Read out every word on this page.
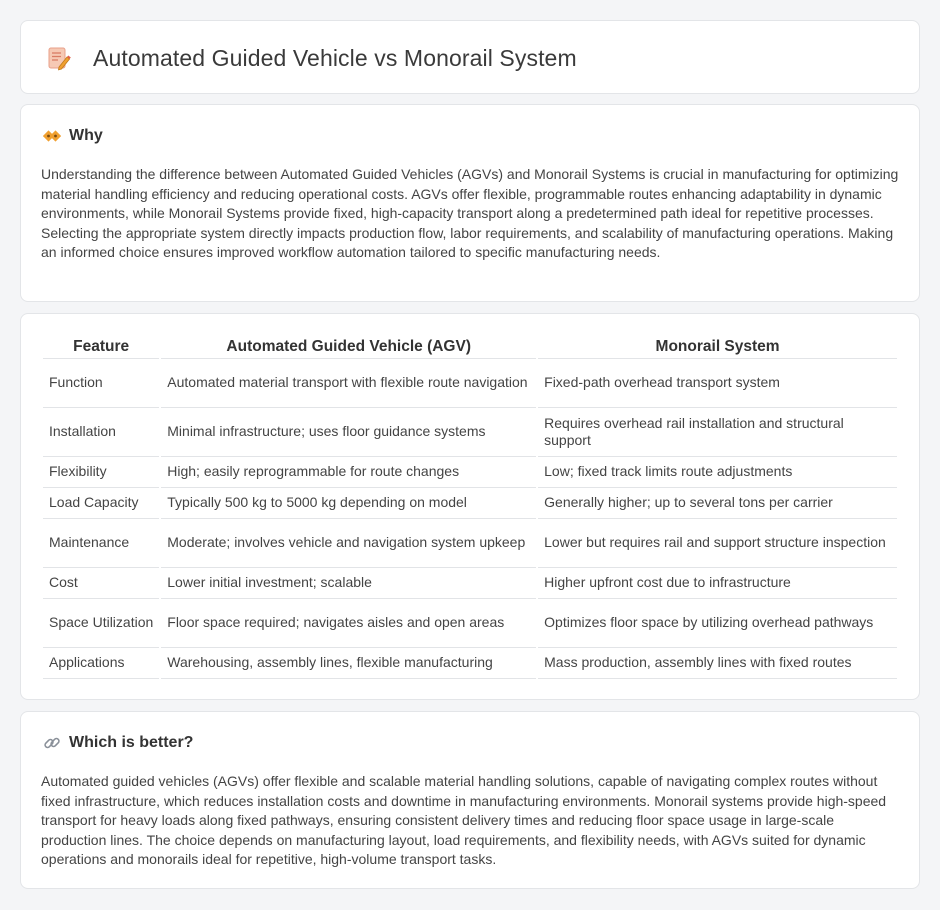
Automated Guided Vehicle vs Monorail System
Why

Understanding the difference between Automated Guided Vehicles (AGVs) and Monorail Systems is crucial in manufacturing for optimizing material handling efficiency and reducing operational costs. AGVs offer flexible, programmable routes enhancing adaptability in dynamic environments, while Monorail Systems provide fixed, high-capacity transport along a predetermined path ideal for repetitive processes. Selecting the appropriate system directly impacts production flow, labor requirements, and scalability of manufacturing operations. Making an informed choice ensures improved workflow automation tailored to specific manufacturing needs.

Feature	Automated Guided Vehicle (AGV)	Monorail System
Function	Automated material transport with flexible route navigation	Fixed-path overhead transport system
Installation	Minimal infrastructure; uses floor guidance systems	Requires overhead rail installation and structural support
Flexibility	High; easily reprogrammable for route changes	Low; fixed track limits route adjustments
Load Capacity	Typically 500 kg to 5000 kg depending on model	Generally higher; up to several tons per carrier
Maintenance	Moderate; involves vehicle and navigation system upkeep	Lower but requires rail and support structure inspection
Cost	Lower initial investment; scalable	Higher upfront cost due to infrastructure
Space Utilization	Floor space required; navigates aisles and open areas	Optimizes floor space by utilizing overhead pathways
Applications	Warehousing, assembly lines, flexible manufacturing	Mass production, assembly lines with fixed routes
Which is better?

Automated guided vehicles (AGVs) offer flexible and scalable material handling solutions, capable of navigating complex routes without fixed infrastructure, which reduces installation costs and downtime in manufacturing environments. Monorail systems provide high-speed transport for heavy loads along fixed pathways, ensuring consistent delivery times and reducing floor space usage in large-scale production lines. The choice depends on manufacturing layout, load requirements, and flexibility needs, with AGVs suited for dynamic operations and monorails ideal for repetitive, high-volume transport tasks.
